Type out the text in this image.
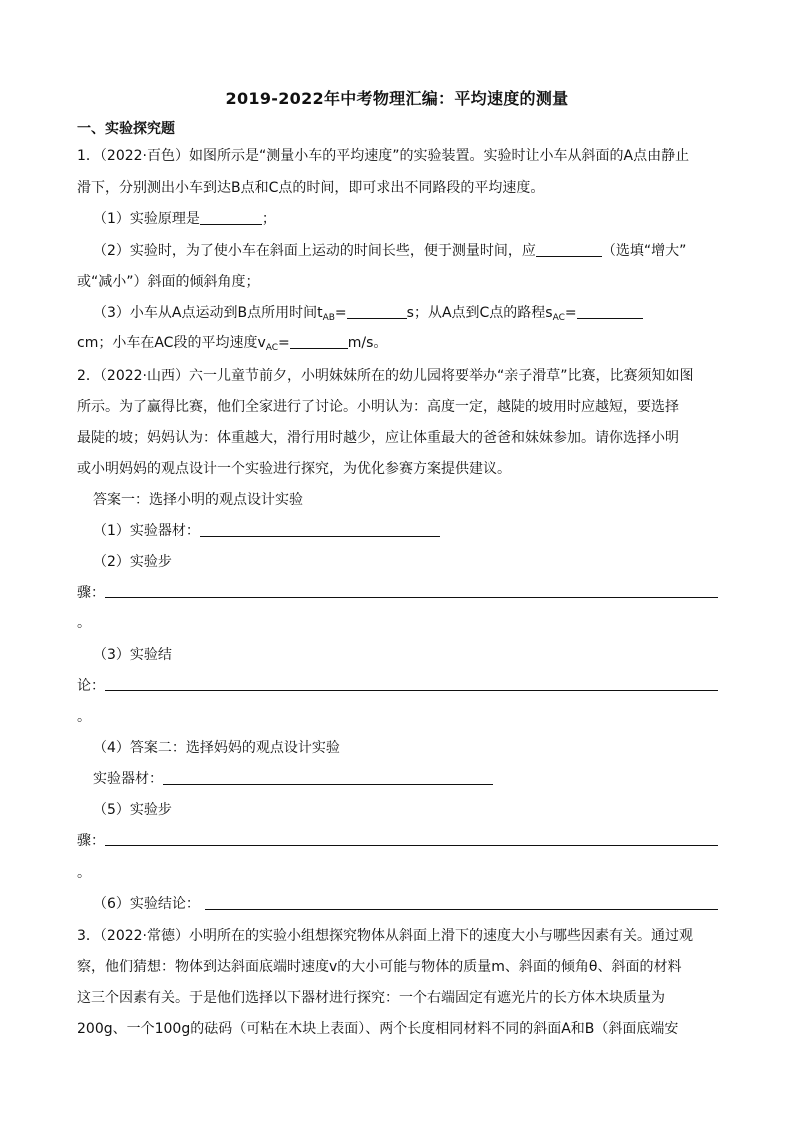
2019-2022年中考物理汇编：平均速度的测量
一、实验探究题
1．（2022·百色）如图所示是“测量小车的平均速度”的实验装置。实验时让小车从斜面的A点由静止
滑下，分别测出小车到达B点和C点的时间，即可求出不同路段的平均速度。
（1）实验原理是	；
（2）实验时，为了使小车在斜面上运动的时间长些，便于测量时间，应	（选填“增大”
或“减小”）斜面的倾斜角度；
（3）小车从A点运动到B点所用时间$t_{AB}=$	s；从A点到C点的路程$s_{AC}=$
cm；小车在AC段的平均速度$v_{AC}=$	m/s。
2．（2022·山西）六一儿童节前夕，小明妹妹所在的幼儿园将要举办“亲子滑草”比赛，比赛须知如图
所示。为了赢得比赛，他们全家进行了讨论。小明认为：高度一定，越陡的坡用时应越短，要选择
最陡的坡；妈妈认为：体重越大，滑行用时越少，应让体重最大的爸爸和妹妹参加。请你选择小明
或小明妈妈的观点设计一个实验进行探究，为优化参赛方案提供建议。
答案一：选择小明的观点设计实验
（1）实验器材：
（2）实验步
骤：
。
（3）实验结
论：
。
（4）答案二：选择妈妈的观点设计实验
实验器材：
（5）实验步
骤：
。
（6）实验结论：
3．（2022·常德）小明所在的实验小组想探究物体从斜面上滑下的速度大小与哪些因素有关。通过观
察，他们猜想：物体到达斜面底端时速度v的大小可能与物体的质量m、斜面的倾角θ、斜面的材料
这三个因素有关。于是他们选择以下器材进行探究：一个右端固定有遮光片的长方体木块质量为
200g、一个100g的砝码（可粘在木块上表面）、两个长度相同材料不同的斜面A和B（斜面底端安
